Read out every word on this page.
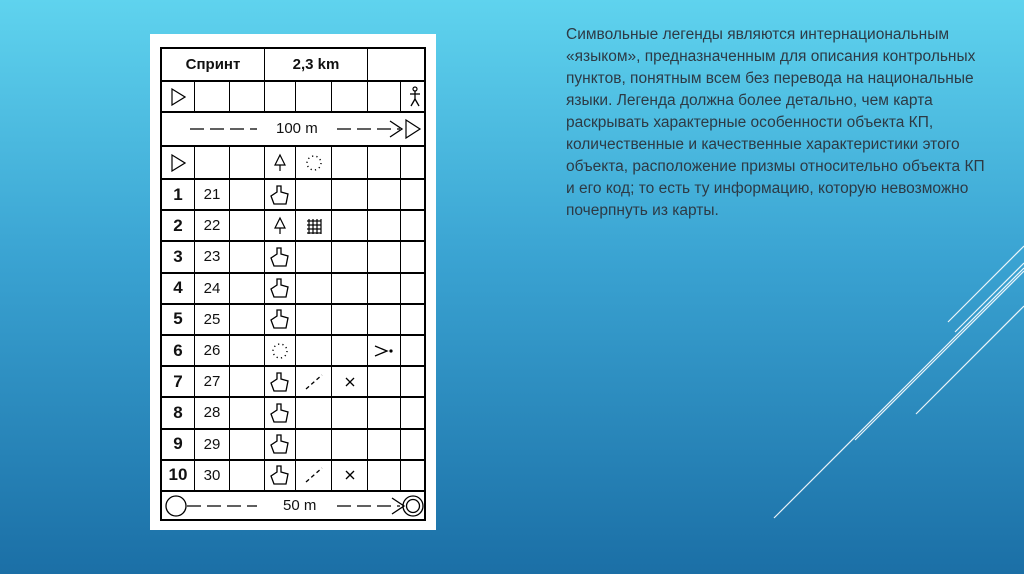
Спринт	2,3 km
100 m
1	21
2	22
3	23
4	24
5	25
6	26
7	27
8	28
9	29
10	30
50 m

Символьные легенды являются интернациональным «языком», предназначенным для описания контрольных пунктов, понятным всем без перевода на национальные языки. Легенда должна более детально, чем карта раскрывать характерные особенности объекта КП, количественные и качественные характеристики этого объекта, расположение призмы относительно объекта КП и его код; то есть ту информацию, которую невозможно почерпнуть из карты.
